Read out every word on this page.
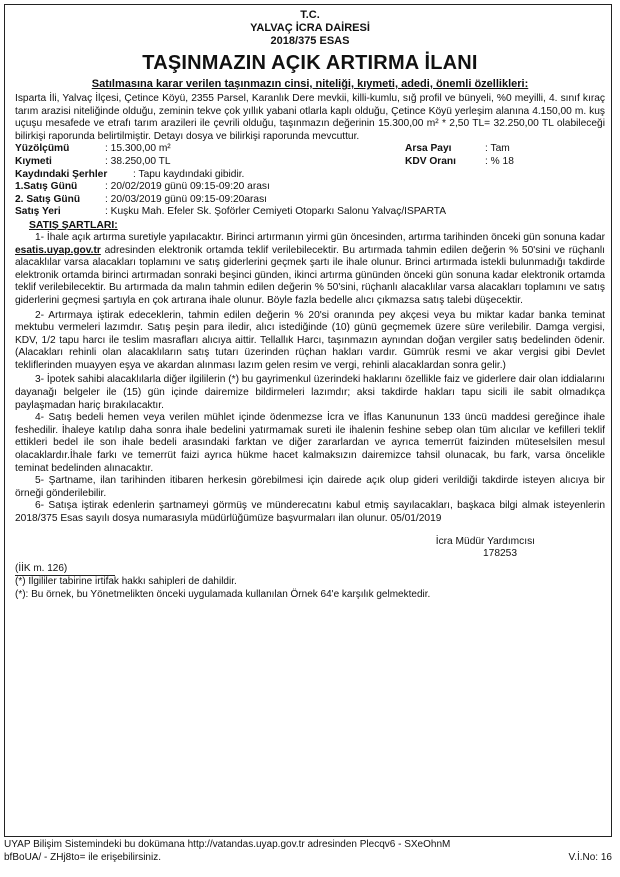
T.C.
YALVAÇ İCRA DAİRESİ
2018/375 ESAS
TAŞINMAZIN AÇIK ARTIRMA İLANI
Satılmasına karar verilen taşınmazın cinsi, niteliği, kıymeti, adedi, önemli özellikleri:

Isparta İli, Yalvaç İlçesi, Çetince Köyü, 2355 Parsel, Karanlık Dere mevkii, killi-kumlu, sığ profil ve bünyeli, %0 meyilli, 4. sınıf kıraç tarım arazisi niteliğinde olduğu, zeminin tekve çok yıllık yabani otlarla kaplı olduğu, Çetince Köyü yerleşim alanına 4.150,00 m. kuş uçuşu mesafede ve etrafı tarım arazileri ile çevrili olduğu, taşınmazın değerinin 15.300,00 m² * 2,50 TL= 32.250,00 TL olabileceği bilirkişi raporunda belirtilmiştir. Detayı dosya ve bilirkişi raporunda mevcuttur.

Yüzölçümü	: 15.300,00 m²	Arsa Payı	: Tam
Kıymeti	: 38.250,00 TL	KDV Oranı	: % 18
Kaydındaki Şerhler	: Tapu kaydındaki gibidir.
1.Satış Günü	: 20/02/2019 günü 09:15-09:20 arası
2. Satış Günü	: 20/03/2019 günü 09:15-09:20arası
Satış Yeri	: Kuşku Mah. Efeler Sk. Şoförler Cemiyeti Otoparkı Salonu Yalvaç/ISPARTA
SATIŞ ŞARTLARI:

1- İhale açık artırma suretiyle yapılacaktır. Birinci artırmanın yirmi gün öncesinden, artırma tarihinden önceki gün sonuna kadar esatis.uyap.gov.tr adresinden elektronik ortamda teklif verilebilecektir. Bu artırmada tahmin edilen değerin % 50'sini ve rüçhanlı alacaklılar varsa alacakları toplamını ve satış giderlerini geçmek şartı ile ihale olunur. Brinci artırmada istekli bulunmadığı takdirde elektronik ortamda birinci artırmadan sonraki beşinci günden, ikinci artırma gününden önceki gün sonuna kadar elektronik ortamda teklif verilebilecektir. Bu artırmada da malın tahmin edilen değerin % 50'sini, rüçhanlı alacaklılar varsa alacakları toplamını ve satış giderlerini geçmesi şartıyla en çok artırana ihale olunur. Böyle fazla bedelle alıcı çıkmazsa satış talebi düşecektir.

2- Artırmaya iştirak edeceklerin, tahmin edilen değerin % 20'si oranında pey akçesi veya bu miktar kadar banka teminat mektubu vermeleri lazımdır. Satış peşin para iledir, alıcı istediğinde (10) günü geçmemek üzere süre verilebilir. Damga vergisi, KDV, 1/2 tapu harcı ile teslim masrafları alıcıya aittir. Tellallık Harcı, taşınmazın aynından doğan vergiler satış bedelinden ödenir. (Alacakları rehinli olan alacaklıların satış tutarı üzerinden rüçhan hakları vardır. Gümrük resmi ve akar vergisi gibi Devlet tekliflerinden muayyen eşya ve akardan alınması lazım gelen resim ve vergi, rehinli alacaklardan sonra gelir.)

3- İpotek sahibi alacaklılarla diğer ilgililerin (*) bu gayrimenkul üzerindeki haklarını özellikle faiz ve giderlere dair olan iddialarını dayanağı belgeler ile (15) gün içinde dairemize bildirmeleri lazımdır; aksi takdirde hakları tapu sicili ile sabit olmadıkça paylaşmadan hariç bırakılacaktır.

4- Satış bedeli hemen veya verilen mühlet içinde ödenmezse İcra ve İflas Kanununun 133 üncü maddesi gereğince ihale feshedilir. İhaleye katılıp daha sonra ihale bedelini yatırmamak sureti ile ihalenin feshine sebep olan tüm alıcılar ve kefilleri teklif ettikleri bedel ile son ihale bedeli arasındaki farktan ve diğer zararlardan ve ayrıca temerrüt faizinden müteselsilen mesul olacaklardır.İhale farkı ve temerrüt faizi ayrıca hükme hacet kalmaksızın dairemizce tahsil olunacak, bu fark, varsa öncelikle teminat bedelinden alınacaktır.

5- Şartname, ilan tarihinden itibaren herkesin görebilmesi için dairede açık olup gideri verildiği takdirde isteyen alıcıya bir örneği gönderilebilir.

6- Satışa iştirak edenlerin şartnameyi görmüş ve münderecatını kabul etmiş sayılacakları, başkaca bilgi almak isteyenlerin 2018/375 Esas sayılı dosya numarasıyla müdürlüğümüze başvurmaları ilan olunur. 05/01/2019

İcra Müdür Yardımcısı
178253
(İİK m. 126)
(*) İlgililer tabirine irtifak hakkı sahipleri de dahildir.
(*): Bu örnek, bu Yönetmelikten önceki uygulamada kullanılan Örnek 64'e karşılık gelmektedir.
UYAP Bilişim Sistemindeki bu dokümana http://vatandas.uyap.gov.tr adresinden Plecqv6 - SXeOhnM
bfBoUA/ - ZHj8to= ile erişebilirsiniz.	V.İ.No: 16
